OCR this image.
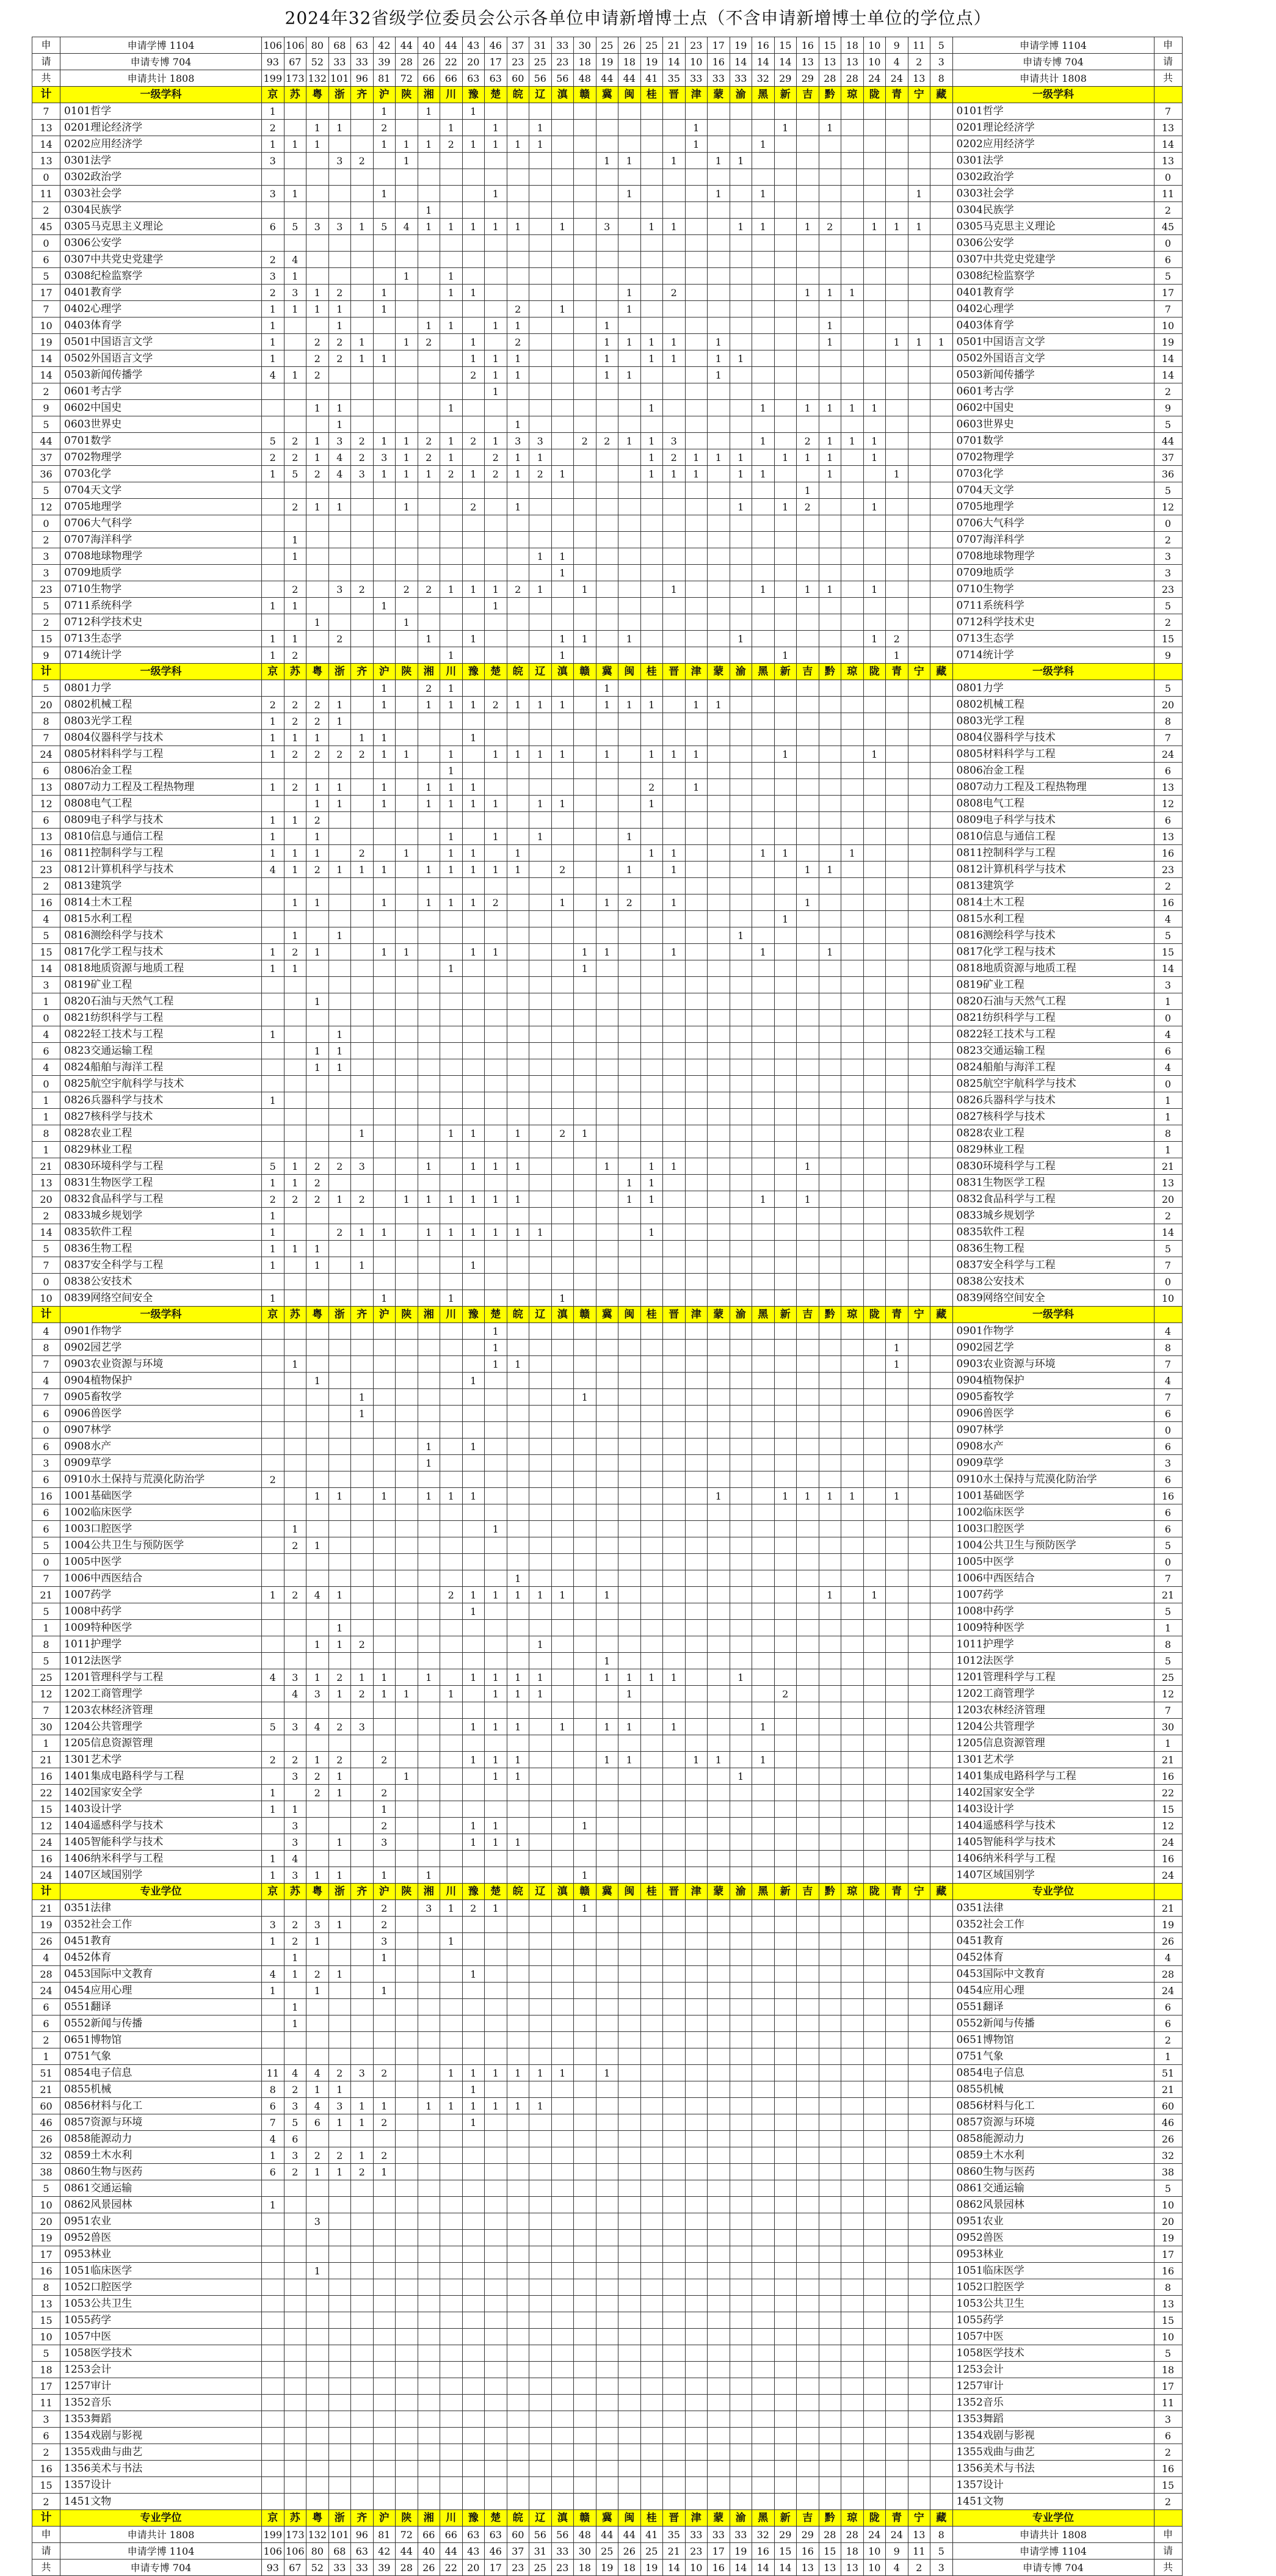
2024年32省级学位委员会公示各单位申请新增博士点（不含申请新增博士单位的学位点）
申	申请学博 1104	106	106	80	68	63	42	44	40	44	43	46	37	31	33	30	25	26	25	21	23	17	19	16	15	16	15	18	10	9	11	5	申请学博 1104	申
请	申请专博 704	93	67	52	33	33	39	28	26	22	20	17	23	25	23	18	19	18	19	14	10	16	14	14	14	13	13	13	10	4	2	3	申请专博 704	请
共	申请共计 1808	199	173	132	101	96	81	72	66	66	63	63	60	56	56	48	44	44	41	35	33	33	33	32	29	29	28	28	24	24	13	8	申请共计 1808	共
计	一级学科	京	苏	粤	浙	齐	沪	陕	湘	川	豫	楚	皖	辽	滇	赣	冀	闽	桂	晋	津	蒙	渝	黑	新	吉	黔	琼	陇	青	宁	藏	一级学科	
7	0101哲学	1					1		1		1																						0101哲学	7
13	0201理论经济学	2		1	1		2			1		1		1							1				1		1						0201理论经济学	13
14	0202应用经济学	1	1	1			1	1	1	2	1	1	1	1							1			1									0202应用经济学	14
13	0301法学	3			3	2		1									1	1		1		1	1										0301法学	13
0	0302政治学																																0302政治学	0
11	0303社会学	3	1				1					1						1				1		1							1		0303社会学	11
2	0304民族学								1																								0304民族学	2
45	0305马克思主义理论	6	5	3	3	1	5	4	1	1	1	1	1		1		3		1	1			1	1		1	2		1	1	1		0305马克思主义理论	45
0	0306公安学																																0306公安学	0
6	0307中共党史党建学	2	4																														0307中共党史党建学	6
5	0308纪检监察学	3	1					1		1																							0308纪检监察学	5
17	0401教育学	2	3	1	2		1			1	1							1		2						1	1	1					0401教育学	17
7	0402心理学	1	1	1	1		1						2		1			1															0402心理学	7
10	0403体育学	1			1				1	1		1	1				1										1						0403体育学	10
19	0501中国语言文学	1		2	2	1		1	2		1		2				1	1	1	1		1					1			1	1	1	0501中国语言文学	19
14	0502外国语言文学	1		2	2	1	1				1	1	1				1		1	1		1	1										0502外国语言文学	14
14	0503新闻传播学	4	1	2							2	1	1				1	1				1											0503新闻传播学	14
2	0601考古学											1																					0601考古学	2
9	0602中国史			1	1					1									1					1		1	1	1	1				0602中国史	9
5	0603世界史				1								1																				0603世界史	5
44	0701数学	5	2	1	3	2	1	1	2	1	2	1	3	3		2	2	1	1	3				1		2	1	1	1				0701数学	44
37	0702物理学	2	2	1	4	2	3	1	2	1		2	1	1					1	2	1	1	1		1	1	1		1				0702物理学	37
36	0703化学	1	5	2	4	3	1	1	1	2	1	2	1	2	1				1	1	1		1	1			1			1			0703化学	36
5	0704天文学																									1							0704天文学	5
12	0705地理学		2	1	1			1			2		1										1		1	2			1				0705地理学	12
0	0706大气科学																																0706大气科学	0
2	0707海洋科学		1																														0707海洋科学	2
3	0708地球物理学		1											1	1																		0708地球物理学	3
3	0709地质学														1																		0709地质学	3
23	0710生物学		2		3	2		2	2	1	1	1	2	1		1				1				1		1	1		1				0710生物学	23
5	0711系统科学	1	1				1					1																					0711系统科学	5
2	0712科学技术史			1				1																									0712科学技术史	2
15	0713生态学	1	1		2				1		1				1	1		1					1						1	2			0713生态学	15
9	0714统计学	1	2							1					1										1					1			0714统计学	9
计	一级学科	京	苏	粤	浙	齐	沪	陕	湘	川	豫	楚	皖	辽	滇	赣	冀	闽	桂	晋	津	蒙	渝	黑	新	吉	黔	琼	陇	青	宁	藏	一级学科	
5	0801力学						1		2	1							1																0801力学	5
20	0802机械工程	2	2	2	1		1		1	1	1	2	1	1	1		1	1	1		1	1											0802机械工程	20
8	0803光学工程	1	2	2	1																												0803光学工程	8
7	0804仪器科学与技术	1	1	1		1	1				1																						0804仪器科学与技术	7
24	0805材料科学与工程	1	2	2	2	2	1	1		1		1	1	1	1		1		1	1	1				1				1				0805材料科学与工程	24
6	0806冶金工程									1																							0806冶金工程	6
13	0807动力工程及工程热物理	1	2	1	1		1		1	1	1								2		1												0807动力工程及工程热物理	13
12	0808电气工程			1	1		1		1	1	1	1		1	1				1														0808电气工程	12
6	0809电子科学与技术	1	1	2																													0809电子科学与技术	6
13	0810信息与通信工程	1		1						1		1		1				1															0810信息与通信工程	13
16	0811控制科学与工程	1	1	1		2		1		1	1		1						1	1				1	1			1					0811控制科学与工程	16
23	0812计算机科学与技术	4	1	2	1	1	1		1	1	1	1	1		2			1		1						1	1						0812计算机科学与技术	23
2	0813建筑学																																0813建筑学	2
16	0814土木工程		1	1			1		1	1	1	2			1		1	2		1						1							0814土木工程	16
4	0815水利工程																								1								0815水利工程	4
5	0816测绘科学与技术		1		1																		1										0816测绘科学与技术	5
15	0817化学工程与技术	1	2	1			1	1			1	1				1	1			1				1			1						0817化学工程与技术	15
14	0818地质资源与地质工程	1	1							1						1																	0818地质资源与地质工程	14
3	0819矿业工程																																0819矿业工程	3
1	0820石油与天然气工程			1																													0820石油与天然气工程	1
0	0821纺织科学与工程																																0821纺织科学与工程	0
4	0822轻工技术与工程	1			1																												0822轻工技术与工程	4
6	0823交通运输工程			1	1																												0823交通运输工程	6
4	0824船舶与海洋工程			1	1																												0824船舶与海洋工程	4
0	0825航空宇航科学与技术																																0825航空宇航科学与技术	0
1	0826兵器科学与技术	1																															0826兵器科学与技术	1
1	0827核科学与技术																																0827核科学与技术	1
8	0828农业工程					1				1	1		1		2	1																	0828农业工程	8
1	0829林业工程																																0829林业工程	1
21	0830环境科学与工程	5	1	2	2	3			1		1	1	1				1		1	1						1							0830环境科学与工程	21
13	0831生物医学工程	1	1	2														1	1														0831生物医学工程	13
20	0832食品科学与工程	2	2	2	1	2		1	1	1	1	1	1					1	1					1		1							0832食品科学与工程	20
2	0833城乡规划学	1																															0833城乡规划学	2
14	0835软件工程	1			2	1	1		1	1	1	1	1	1					1														0835软件工程	14
5	0836生物工程	1	1	1																													0836生物工程	5
7	0837安全科学与工程	1		1		1					1																						0837安全科学与工程	7
0	0838公安技术																																0838公安技术	0
10	0839网络空间安全	1					1			1					1																		0839网络空间安全	10
计	一级学科	京	苏	粤	浙	齐	沪	陕	湘	川	豫	楚	皖	辽	滇	赣	冀	闽	桂	晋	津	蒙	渝	黑	新	吉	黔	琼	陇	青	宁	藏	一级学科	
4	0901作物学											1																					0901作物学	4
8	0902园艺学											1																		1			0902园艺学	8
7	0903农业资源与环境		1									1	1																	1			0903农业资源与环境	7
4	0904植物保护			1							1																						0904植物保护	4
7	0905畜牧学					1										1																	0905畜牧学	7
6	0906兽医学					1																											0906兽医学	6
0	0907林学																																0907林学	0
6	0908水产								1		1																						0908水产	6
3	0909草学								1																								0909草学	3
6	0910水土保持与荒漠化防治学	2																															0910水土保持与荒漠化防治学	6
16	1001基础医学			1	1		1		1	1	1											1			1	1	1	1		1			1001基础医学	16
6	1002临床医学																																1002临床医学	6
6	1003口腔医学		1									1																					1003口腔医学	6
5	1004公共卫生与预防医学		2	1																													1004公共卫生与预防医学	5
0	1005中医学																																1005中医学	0
7	1006中西医结合												1																				1006中西医结合	7
21	1007药学	1	2	4	1					2	1	1	1	1	1		1										1		1				1007药学	21
5	1008中药学										1																						1008中药学	5
1	1009特种医学				1																												1009特种医学	1
8	1011护理学			1	1	2								1																			1011护理学	8
5	1012法医学																1																1012法医学	5
25	1201管理科学与工程	4	3	1	2	1	1		1		1	1	1	1			1	1	1	1			1										1201管理科学与工程	25
12	1202工商管理学		4	3	1	2	1	1		1		1	1	1				1							2								1202工商管理学	12
7	1203农林经济管理																																1203农林经济管理	7
30	1204公共管理学	5	3	4	2	3					1	1	1		1		1	1		1				1									1204公共管理学	30
1	1205信息资源管理																																1205信息资源管理	1
21	1301艺术学	2	2	1	2		2				1	1	1				1	1			1	1		1									1301艺术学	21
16	1401集成电路科学与工程		3	2	1			1				1	1										1										1401集成电路科学与工程	16
22	1402国家安全学	1		2	1		2																										1402国家安全学	22
15	1403设计学	1	1				1																										1403设计学	15
12	1404遥感科学与技术		3				2				1	1				1																	1404遥感科学与技术	12
24	1405智能科学与技术		3		1		3				1	1	1																				1405智能科学与技术	24
16	1406纳米科学与工程	1	4																														1406纳米科学与工程	16
24	1407区域国别学	1	3	1	1		1		1							1																	1407区域国别学	24
计	专业学位	京	苏	粤	浙	齐	沪	陕	湘	川	豫	楚	皖	辽	滇	赣	冀	闽	桂	晋	津	蒙	渝	黑	新	吉	黔	琼	陇	青	宁	藏	专业学位	
21	0351法律						2		3	1	2	1				1																	0351法律	21
19	0352社会工作	3	2	3	1		2																										0352社会工作	19
26	0451教育	1	2	1			3			1																							0451教育	26
4	0452体育		1				1																										0452体育	4
28	0453国际中文教育	4	1	2	1						1																						0453国际中文教育	28
24	0454应用心理	1		1			1																										0454应用心理	24
6	0551翻译		1																														0551翻译	6
6	0552新闻与传播		1																														0552新闻与传播	6
2	0651博物馆																																0651博物馆	2
1	0751气象																																0751气象	1
51	0854电子信息	11	4	4	2	3	2			1	1	1	1	1	1		1																0854电子信息	51
21	0855机械	8	2	1	1						1																						0855机械	21
60	0856材料与化工	6	3	4	3	1	1		1	1	1	1	1	1																			0856材料与化工	60
46	0857资源与环境	7	5	6	1	1	2				1																						0857资源与环境	46
26	0858能源动力	4	6																														0858能源动力	26
32	0859土木水利	1	3	2	2	1	2																										0859土木水利	32
38	0860生物与医药	6	2	1	1	2	1																										0860生物与医药	38
5	0861交通运输																																0861交通运输	5
10	0862风景园林	1																															0862风景园林	10
20	0951农业			3																													0951农业	20
19	0952兽医																																0952兽医	19
17	0953林业																																0953林业	17
16	1051临床医学			1																													1051临床医学	16
8	1052口腔医学																																1052口腔医学	8
13	1053公共卫生																																1053公共卫生	13
15	1055药学																																1055药学	15
10	1057中医																																1057中医	10
5	1058医学技术																																1058医学技术	5
18	1253会计																																1253会计	18
17	1257审计																																1257审计	17
11	1352音乐																																1352音乐	11
3	1353舞蹈																																1353舞蹈	3
6	1354戏剧与影视																																1354戏剧与影视	6
2	1355戏曲与曲艺																																1355戏曲与曲艺	2
16	1356美术与书法																																1356美术与书法	16
15	1357设计																																1357设计	15
2	1451文物																																1451文物	2
计	专业学位	京	苏	粤	浙	齐	沪	陕	湘	川	豫	楚	皖	辽	滇	赣	冀	闽	桂	晋	津	蒙	渝	黑	新	吉	黔	琼	陇	青	宁	藏	专业学位	
申	申请共计 1808	199	173	132	101	96	81	72	66	66	63	63	60	56	56	48	44	44	41	35	33	33	33	32	29	29	28	28	24	24	13	8	申请共计 1808	申
请	申请学博 1104	106	106	80	68	63	42	44	40	44	43	46	37	31	33	30	25	26	25	21	23	17	19	16	15	16	15	18	10	9	11	5	申请学博 1104	请
共	申请专博 704	93	67	52	33	33	39	28	26	22	20	17	23	25	23	18	19	18	19	14	10	16	14	14	14	13	13	13	10	4	2	3	申请专博 704	共
